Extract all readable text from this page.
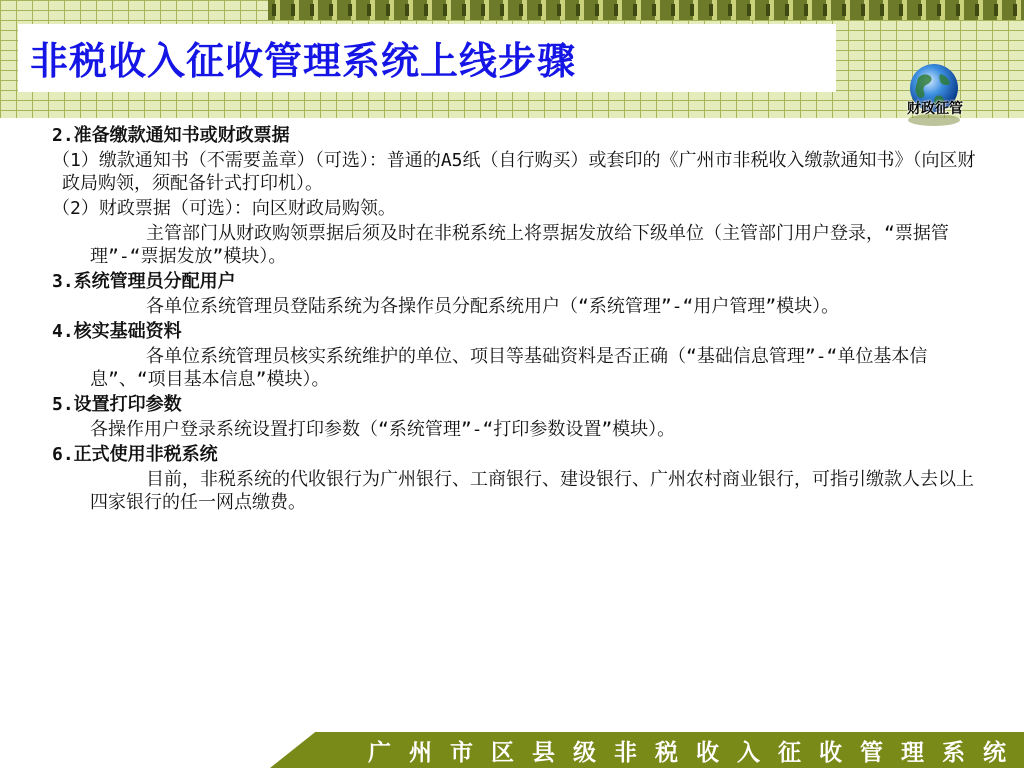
非税收入征收管理系统上线步骤
财政征管
2.准备缴款通知书或财政票据
（1）缴款通知书（不需要盖章）（可选）：普通的A5纸（自行购买）或套印的《广州市非税收入缴款通知书》（向区财政局购领，须配备针式打印机）。
（2）财政票据（可选）：向区财政局购领。
主管部门从财政购领票据后须及时在非税系统上将票据发放给下级单位（主管部门用户登录，“票据管理”-“票据发放”模块）。
3.系统管理员分配用户
各单位系统管理员登陆系统为各操作员分配系统用户（“系统管理”-“用户管理”模块）。
4.核实基础资料
各单位系统管理员核实系统维护的单位、项目等基础资料是否正确（“基础信息管理”-“单位基本信息”、“项目基本信息”模块）。
5.设置打印参数
各操作用户登录系统设置打印参数（“系统管理”-“打印参数设置”模块）。
6.正式使用非税系统
目前，非税系统的代收银行为广州银行、工商银行、建设银行、广州农村商业银行，可指引缴款人去以上四家银行的任一网点缴费。
广州市区县级非税收入征收管理系统
